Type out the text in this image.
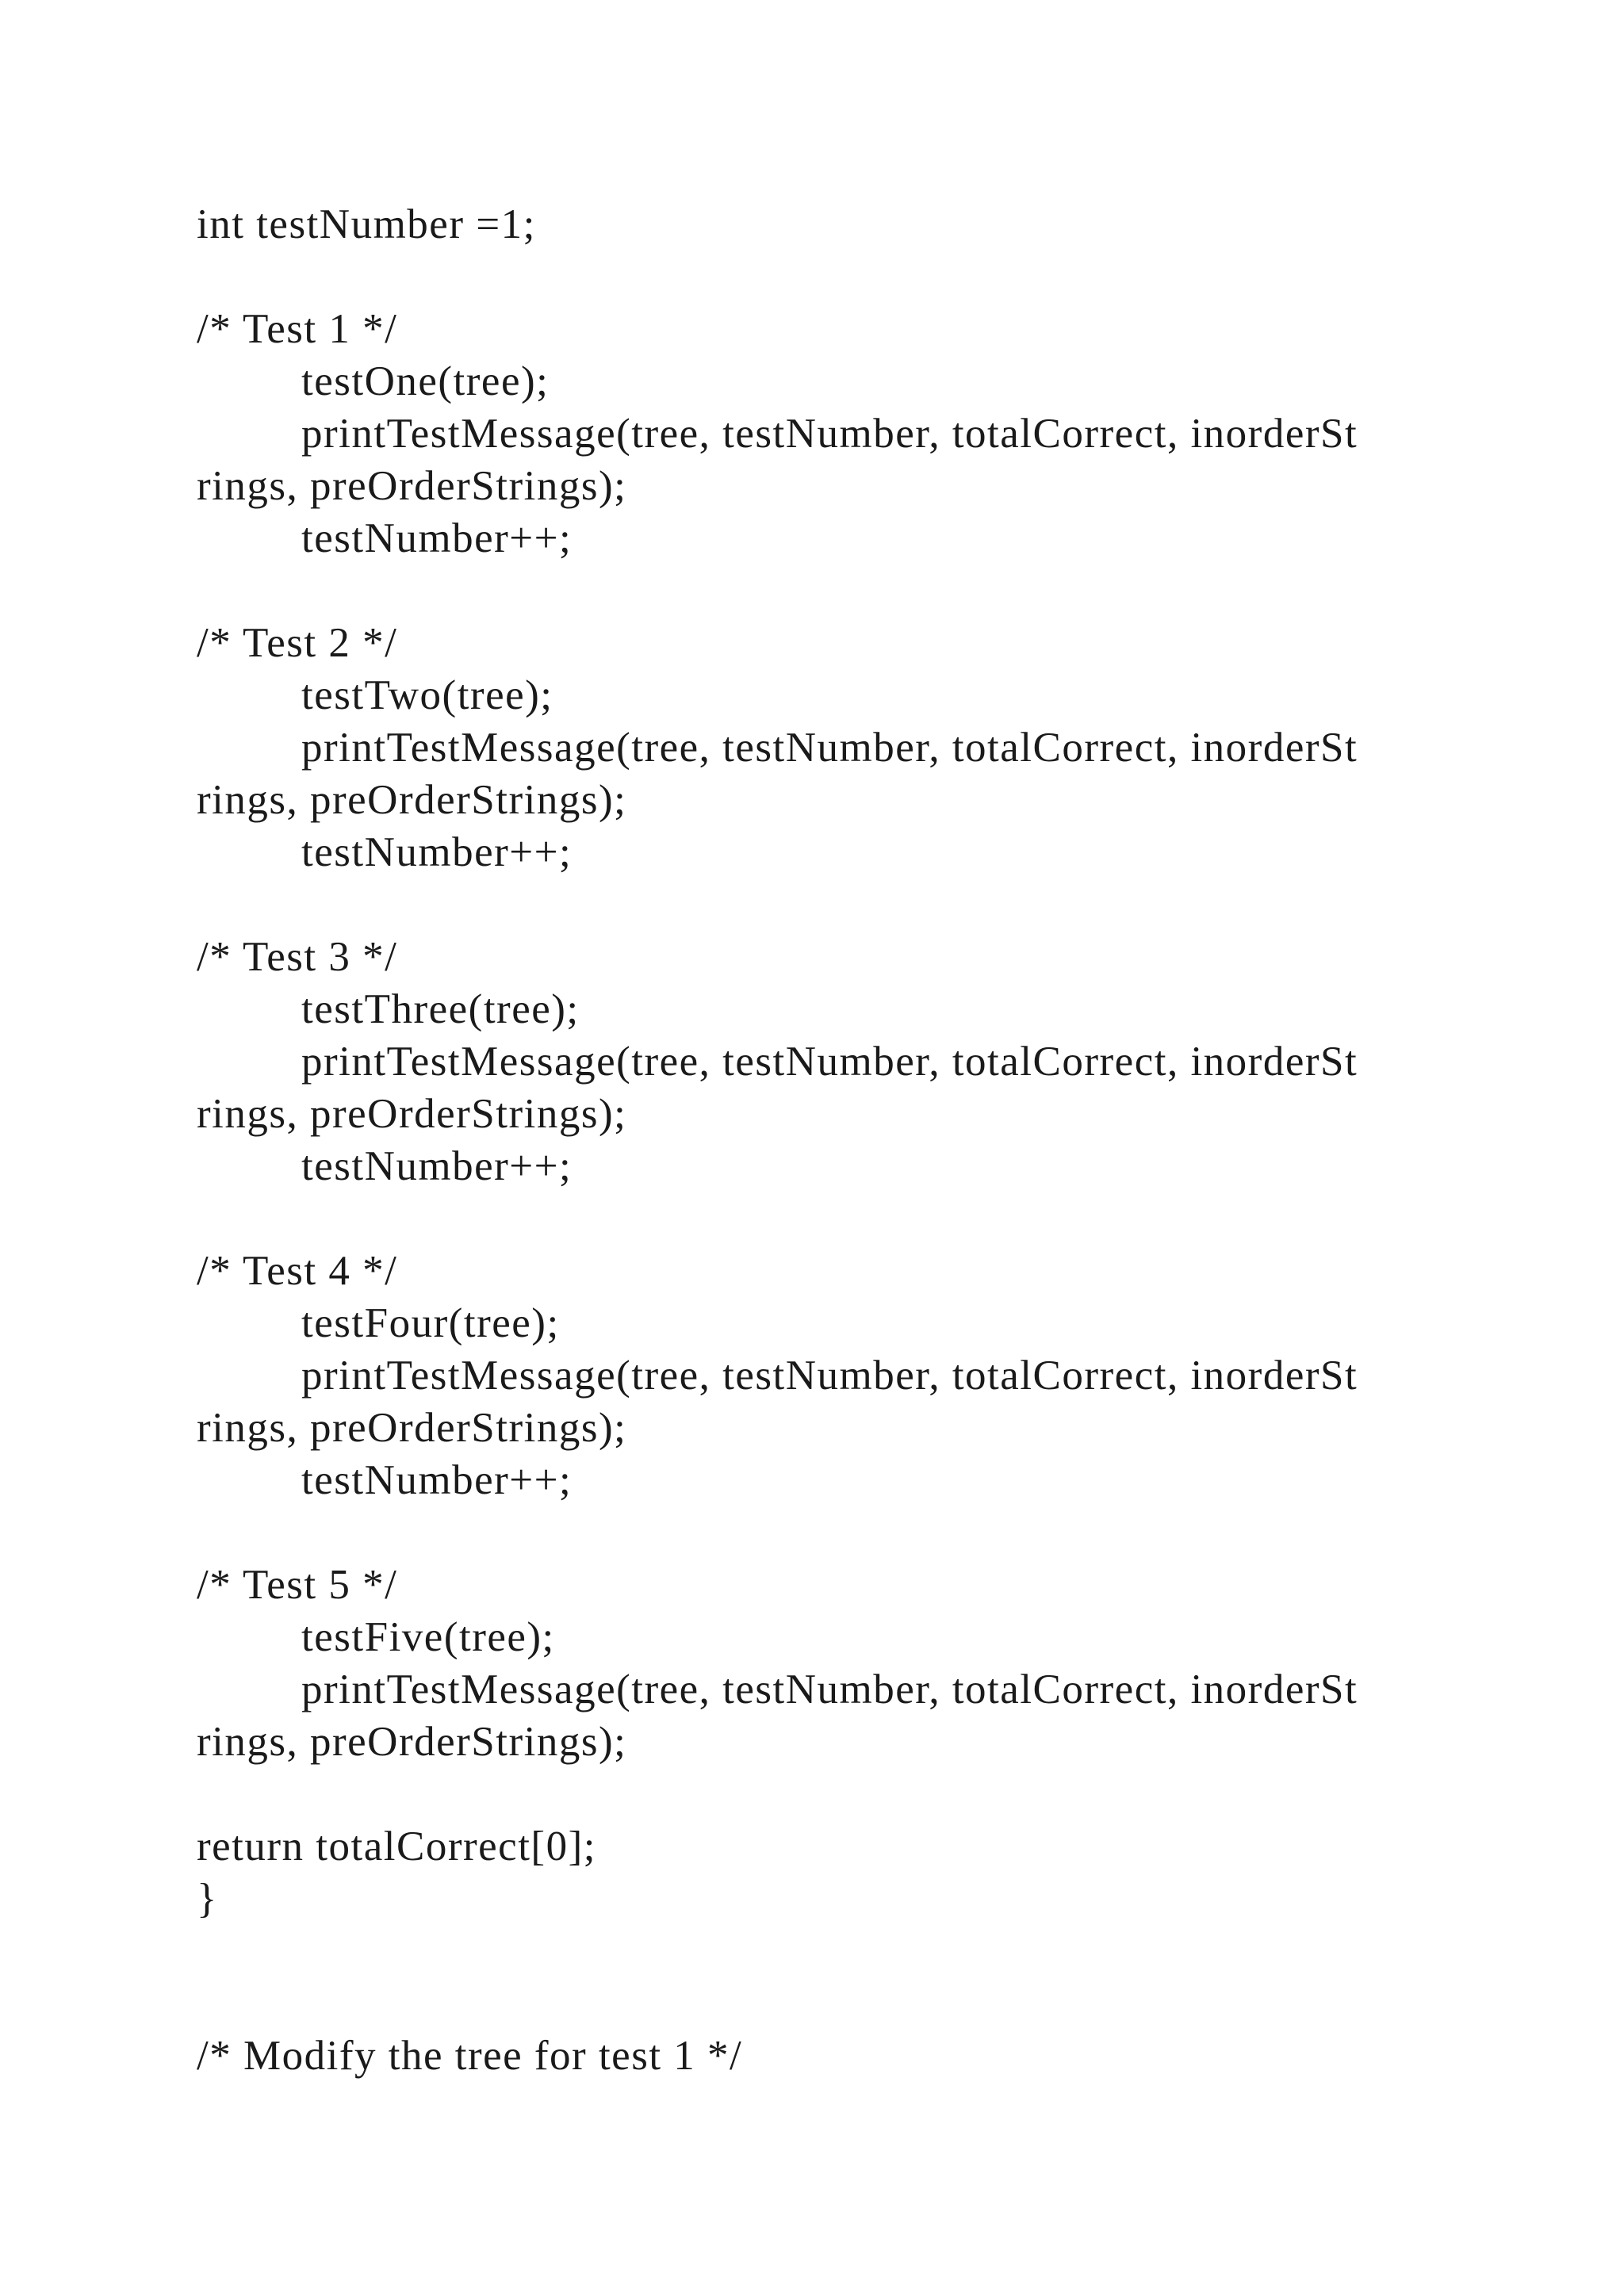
int testNumber =1;

/* Test 1 */

testOne(tree);

printTestMessage(tree, testNumber, totalCorrect, inorderSt

rings, preOrderStrings);

testNumber++;

/* Test 2 */

testTwo(tree);

printTestMessage(tree, testNumber, totalCorrect, inorderSt

rings, preOrderStrings);

testNumber++;

/* Test 3 */

testThree(tree);

printTestMessage(tree, testNumber, totalCorrect, inorderSt

rings, preOrderStrings);

testNumber++;

/* Test 4 */

testFour(tree);

printTestMessage(tree, testNumber, totalCorrect, inorderSt

rings, preOrderStrings);

testNumber++;

/* Test 5 */

testFive(tree);

printTestMessage(tree, testNumber, totalCorrect, inorderSt

rings, preOrderStrings);

return totalCorrect[0];

}

/* Modify the tree for test 1 */
